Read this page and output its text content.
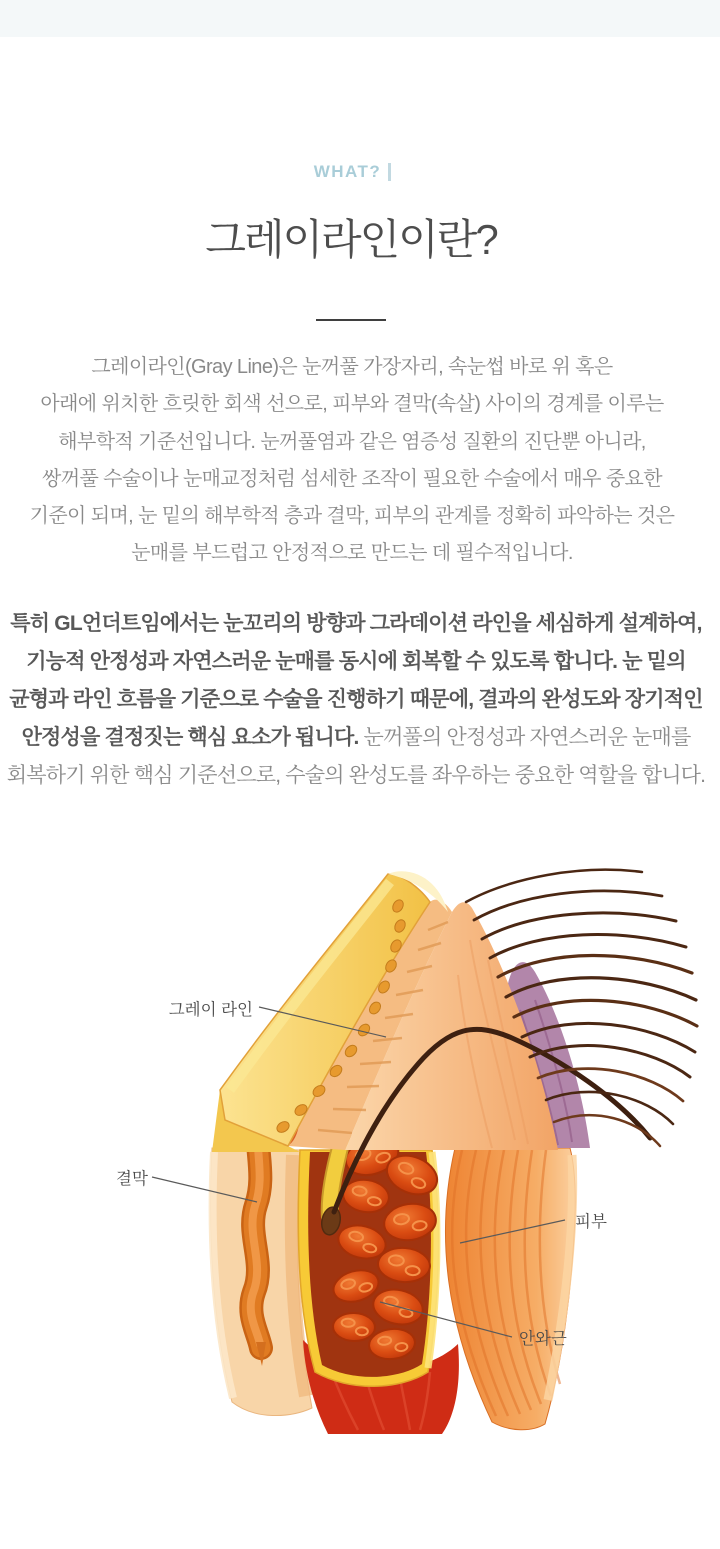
WHAT?
그레이라인이란?
그레이라인(Gray Line)은 눈꺼풀 가장자리, 속눈썹 바로 위 혹은
아래에 위치한 흐릿한 회색 선으로, 피부와 결막(속살) 사이의 경계를 이루는
해부학적 기준선입니다. 눈꺼풀염과 같은 염증성 질환의 진단뿐 아니라,
쌍꺼풀 수술이나 눈매교정처럼 섬세한 조작이 필요한 수술에서 매우 중요한
기준이 되며, 눈 밑의 해부학적 층과 결막, 피부의 관계를 정확히 파악하는 것은
눈매를 부드럽고 안정적으로 만드는 데 필수적입니다.
특히 GL언더트임에서는 눈꼬리의 방향과 그라데이션 라인을 세심하게 설계하여,
기능적 안정성과 자연스러운 눈매를 동시에 회복할 수 있도록 합니다. 눈 밑의
균형과 라인 흐름을 기준으로 수술을 진행하기 때문에, 결과의 완성도와 장기적인
안정성을 결정짓는 핵심 요소가 됩니다. 눈꺼풀의 안정성과 자연스러운 눈매를
회복하기 위한 핵심 기준선으로, 수술의 완성도를 좌우하는 중요한 역할을 합니다.
그레이 라인
결막
피부
안와근
